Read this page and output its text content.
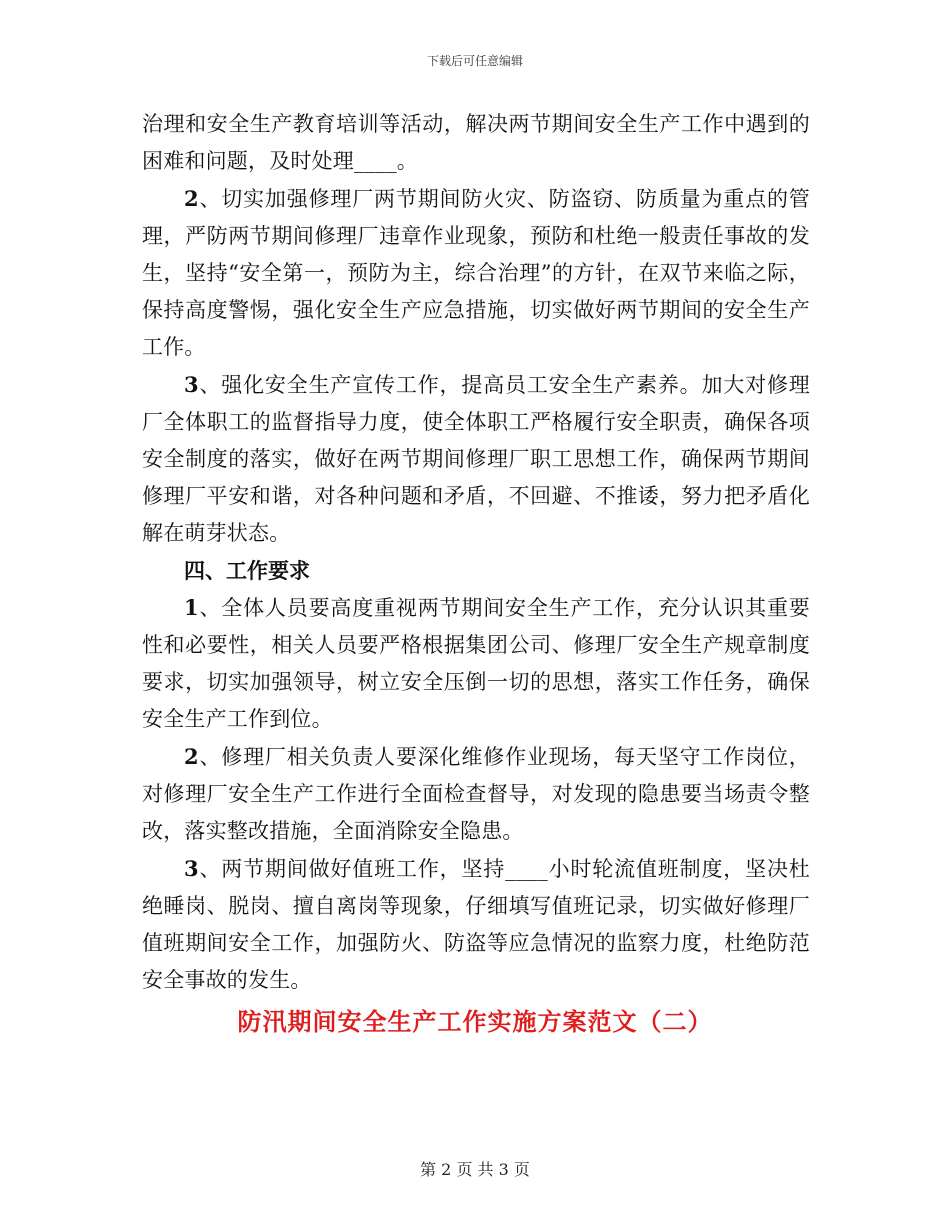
下载后可任意编辑

治理和安全生产教育培训等活动，解决两节期间安全生产工作中遇到的困难和问题，及时处理____。

2、切实加强修理厂两节期间防火灾、防盗窃、防质量为重点的管理，严防两节期间修理厂违章作业现象，预防和杜绝一般责任事故的发生，坚持“安全第一，预防为主，综合治理”的方针，在双节来临之际，保持高度警惕，强化安全生产应急措施，切实做好两节期间的安全生产工作。

3、强化安全生产宣传工作，提高员工安全生产素养。加大对修理厂全体职工的监督指导力度，使全体职工严格履行安全职责，确保各项安全制度的落实，做好在两节期间修理厂职工思想工作，确保两节期间修理厂平安和谐，对各种问题和矛盾，不回避、不推诿，努力把矛盾化解在萌芽状态。

四、工作要求

1、全体人员要高度重视两节期间安全生产工作，充分认识其重要性和必要性，相关人员要严格根据集团公司、修理厂安全生产规章制度要求，切实加强领导，树立安全压倒一切的思想，落实工作任务，确保安全生产工作到位。

2、修理厂相关负责人要深化维修作业现场，每天坚守工作岗位，对修理厂安全生产工作进行全面检查督导，对发现的隐患要当场责令整改，落实整改措施，全面消除安全隐患。

3、两节期间做好值班工作，坚持____小时轮流值班制度，坚决杜绝睡岗、脱岗、擅自离岗等现象，仔细填写值班记录，切实做好修理厂值班期间安全工作，加强防火、防盗等应急情况的监察力度，杜绝防范安全事故的发生。

防汛期间安全生产工作实施方案范文（二）
第 2 页 共 3 页
